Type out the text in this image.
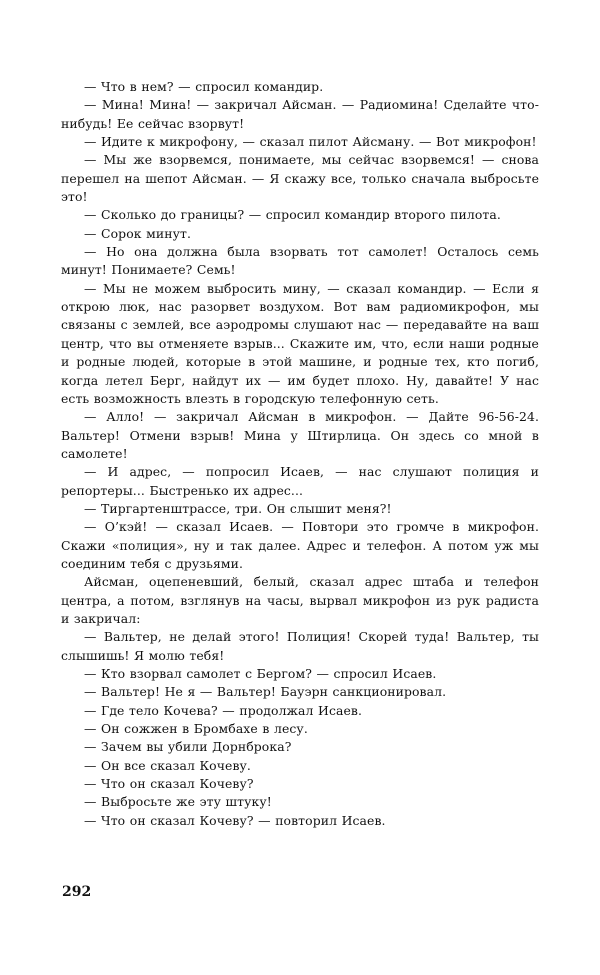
— Что в нем? — спросил командир.

— Мина! Мина! — закричал Айсман. — Радиомина! Сделайте что-нибудь! Ее сейчас взорвут!

— Идите к микрофону, — сказал пилот Айсману. — Вот микрофон!

— Мы же взорвемся, понимаете, мы сейчас взорвемся! — снова перешел на шепот Айсман. — Я скажу все, только сначала выбросьте это!

— Сколько до границы? — спросил командир второго пилота.

— Сорок минут.

— Но она должна была взорвать тот самолет! Осталось семь минут! Понимаете? Семь!

— Мы не можем выбросить мину, — сказал командир. — Если я открою люк, нас разорвет воздухом. Вот вам радиомикрофон, мы связаны с землей, все аэродромы слушают нас — передавайте на ваш центр, что вы отменяете взрыв... Скажите им, что, если наши родные и родные людей, которые в этой машине, и родные тех, кто погиб, когда летел Берг, найдут их — им будет плохо. Ну, давайте! У нас есть возможность влезть в городскую телефонную сеть.

— Алло! — закричал Айсман в микрофон. — Дайте 96-56-24. Вальтер! Отмени взрыв! Мина у Штирлица. Он здесь со мной в самолете!

— И адрес, — попросил Исаев, — нас слушают полиция и репортеры... Быстренько их адрес...

— Тиргартенштрассе, три. Он слышит меня?!

— О’кэй! — сказал Исаев. — Повтори это громче в микрофон. Скажи «полиция», ну и так далее. Адрес и телефон. А потом уж мы соединим тебя с друзьями.

Айсман, оцепеневший, белый, сказал адрес штаба и телефон центра, а потом, взглянув на часы, вырвал микрофон из рук радиста и закричал:

— Вальтер, не делай этого! Полиция! Скорей туда! Вальтер, ты слышишь! Я молю тебя!

— Кто взорвал самолет с Бергом? — спросил Исаев.

— Вальтер! Не я — Вальтер! Бауэрн санкционировал.

— Где тело Кочева? — продолжал Исаев.

— Он сожжен в Бромбахе в лесу.

— Зачем вы убили Дорнброка?

— Он все сказал Кочеву.

— Что он сказал Кочеву?

— Выбросьте же эту штуку!

— Что он сказал Кочеву? — повторил Исаев.

292
